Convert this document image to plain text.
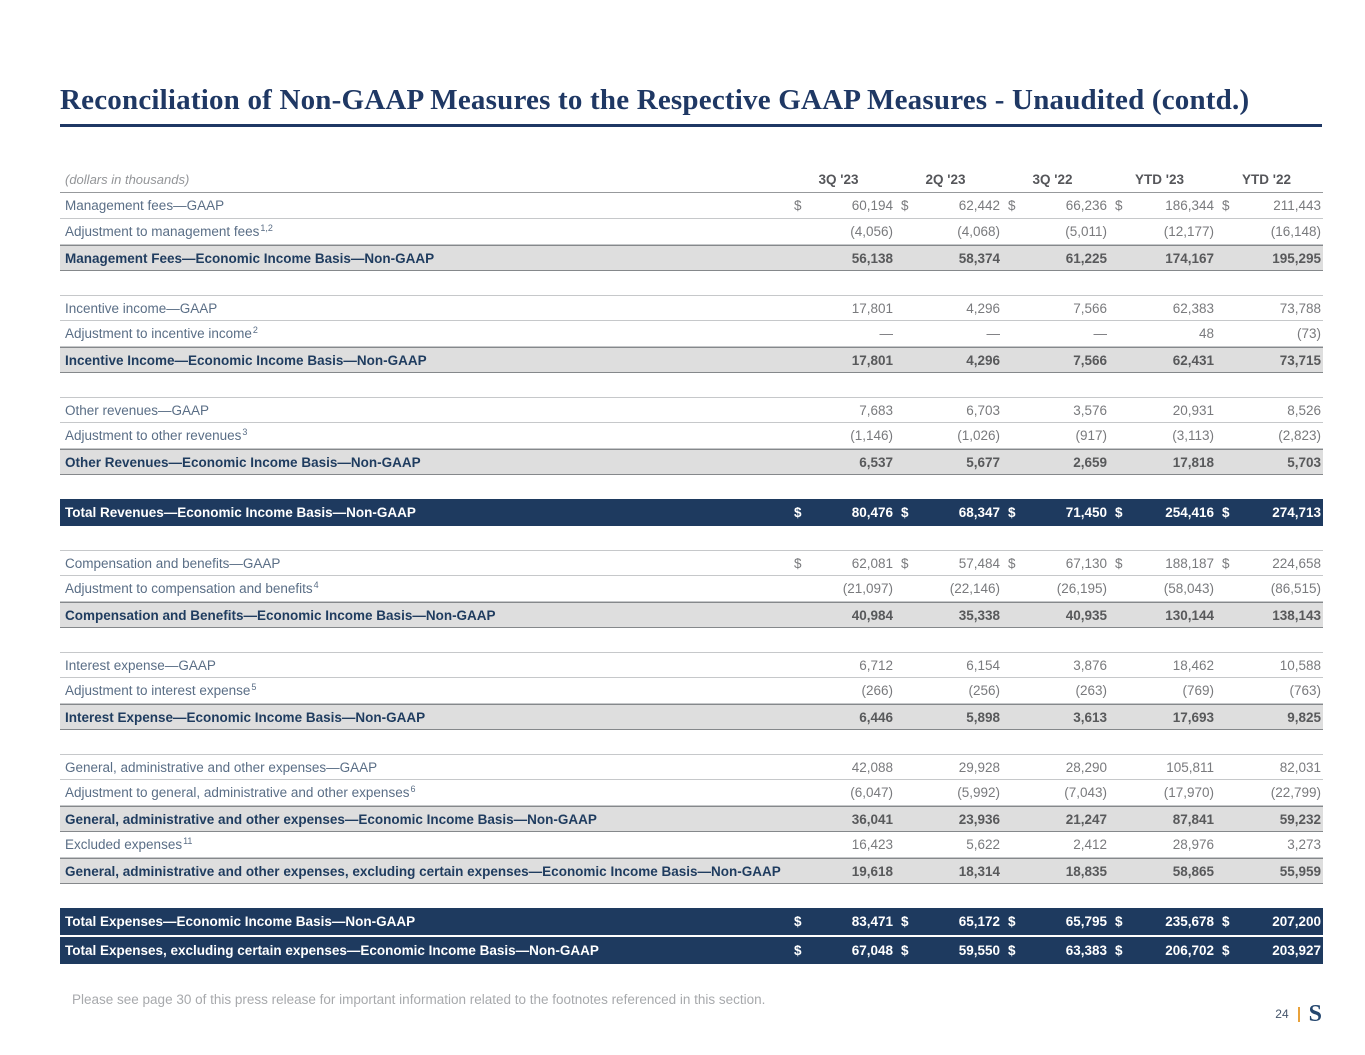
Reconciliation of Non-GAAP Measures to the Respective GAAP Measures - Unaudited (contd.)
(dollars in thousands)	3Q '23	2Q '23	3Q '22	YTD '23	YTD '22
Management fees—GAAP	$	60,194 $	62,442 $	66,236 $	186,344 $	211,443
Adjustment to management fees$^{1,2}$	(4,056)	(4,068)	(5,011)	(12,177)	(16,148)
Management Fees—Economic Income Basis—Non-GAAP	56,138	58,374	61,225	174,167	195,295
Incentive income—GAAP	17,801	4,296	7,566	62,383	73,788
Adjustment to incentive income$^2$	—	—	—	48	(73)
Incentive Income—Economic Income Basis—Non-GAAP	17,801	4,296	7,566	62,431	73,715
Other revenues—GAAP	7,683	6,703	3,576	20,931	8,526
Adjustment to other revenues$^3$	(1,146)	(1,026)	(917)	(3,113)	(2,823)
Other Revenues—Economic Income Basis—Non-GAAP	6,537	5,677	2,659	17,818	5,703
Total Revenues—Economic Income Basis—Non-GAAP	$	80,476 $	68,347 $	71,450 $	254,416 $	274,713
Compensation and benefits—GAAP	$	62,081 $	57,484 $	67,130 $	188,187 $	224,658
Adjustment to compensation and benefits$^4$	(21,097)	(22,146)	(26,195)	(58,043)	(86,515)
Compensation and Benefits—Economic Income Basis—Non-GAAP	40,984	35,338	40,935	130,144	138,143
Interest expense—GAAP	6,712	6,154	3,876	18,462	10,588
Adjustment to interest expense$^5$	(266)	(256)	(263)	(769)	(763)
Interest Expense—Economic Income Basis—Non-GAAP	6,446	5,898	3,613	17,693	9,825
General, administrative and other expenses—GAAP	42,088	29,928	28,290	105,811	82,031
Adjustment to general, administrative and other expenses$^6$	(6,047)	(5,992)	(7,043)	(17,970)	(22,799)
General, administrative and other expenses—Economic Income Basis—Non-GAAP	36,041	23,936	21,247	87,841	59,232
Excluded expenses$^{11}$	16,423	5,622	2,412	28,976	3,273
General, administrative and other expenses, excluding certain expenses—Economic Income Basis—Non-GAAP	19,618	18,314	18,835	58,865	55,959
Total Expenses—Economic Income Basis—Non-GAAP	$	83,471 $	65,172 $	65,795 $	235,678 $	207,200
Total Expenses, excluding certain expenses—Economic Income Basis—Non-GAAP	$	67,048 $	59,550 $	63,383 $	206,702 $	203,927
Please see page 30 of this press release for important information related to the footnotes referenced in this section.
24 S
